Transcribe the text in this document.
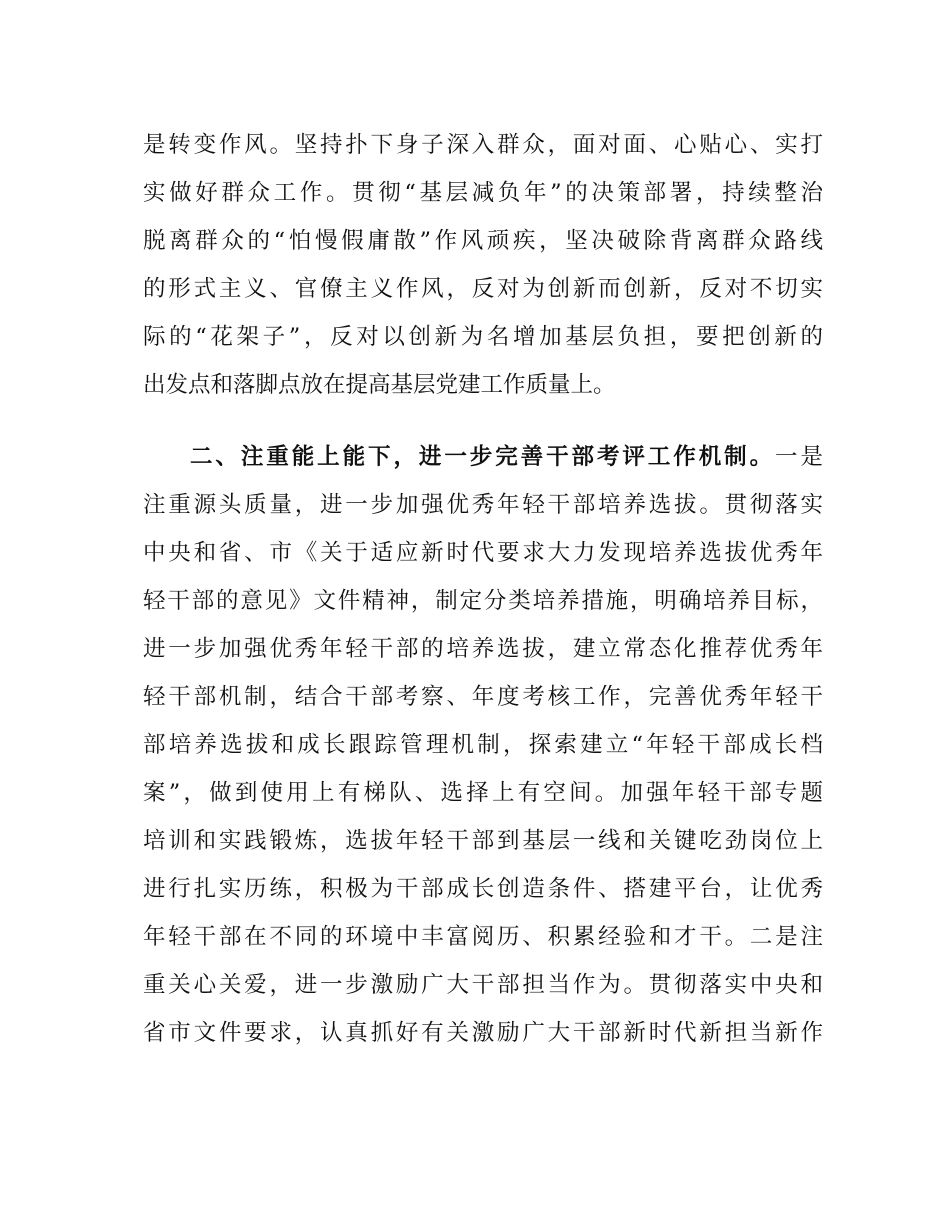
是转变作风。坚持扑下身子深入群众，面对面、心贴心、实打
实做好群众工作。贯彻“基层减负年”的决策部署，持续整治
脱离群众的“怕慢假庸散”作风顽疾，坚决破除背离群众路线
的形式主义、官僚主义作风，反对为创新而创新，反对不切实
际的“花架子”，反对以创新为名增加基层负担，要把创新的
出发点和落脚点放在提高基层党建工作质量上。
二、注重能上能下，进一步完善干部考评工作机制。一是
注重源头质量，进一步加强优秀年轻干部培养选拔。贯彻落实
中央和省、市《关于适应新时代要求大力发现培养选拔优秀年
轻干部的意见》文件精神，制定分类培养措施，明确培养目标，
进一步加强优秀年轻干部的培养选拔，建立常态化推荐优秀年
轻干部机制，结合干部考察、年度考核工作，完善优秀年轻干
部培养选拔和成长跟踪管理机制，探索建立“年轻干部成长档
案”，做到使用上有梯队、选择上有空间。加强年轻干部专题
培训和实践锻炼，选拔年轻干部到基层一线和关键吃劲岗位上
进行扎实历练，积极为干部成长创造条件、搭建平台，让优秀
年轻干部在不同的环境中丰富阅历、积累经验和才干。二是注
重关心关爱，进一步激励广大干部担当作为。贯彻落实中央和
省市文件要求，认真抓好有关激励广大干部新时代新担当新作
